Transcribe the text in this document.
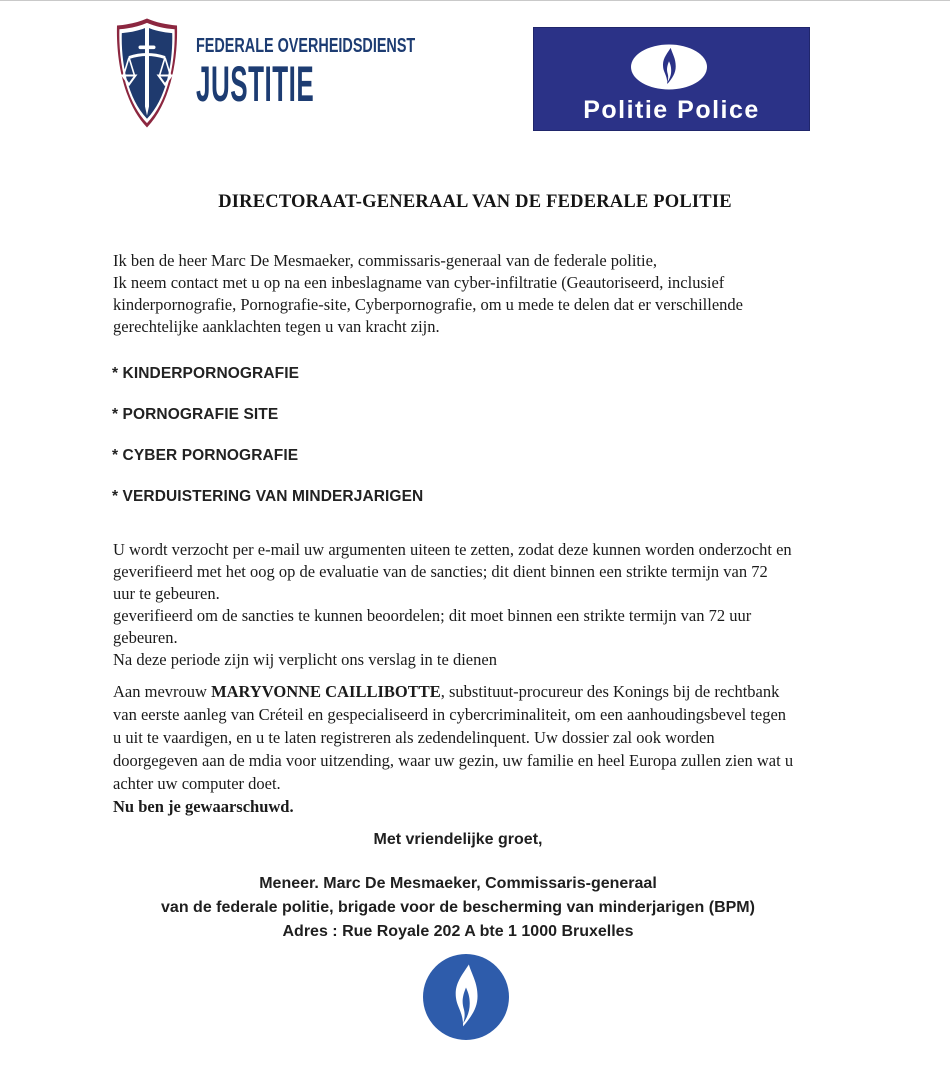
FEDERALE OVERHEIDSDIENST
JUSTITIE	Politie Police
DIRECTORAAT-GENERAAL VAN DE FEDERALE POLITIE
Ik ben de heer Marc De Mesmaeker, commissaris-generaal van de federale politie,
Ik neem contact met u op na een inbeslagname van cyber-infiltratie (Geautoriseerd, inclusief
kinderpornografie, Pornografie-site, Cyberpornografie, om u mede te delen dat er verschillende
gerechtelijke aanklachten tegen u van kracht zijn.
* KINDERPORNOGRAFIE
* PORNOGRAFIE SITE
* CYBER PORNOGRAFIE
* VERDUISTERING VAN MINDERJARIGEN
U wordt verzocht per e-mail uw argumenten uiteen te zetten, zodat deze kunnen worden onderzocht en
geverifieerd met het oog op de evaluatie van de sancties; dit dient binnen een strikte termijn van 72
uur te gebeuren.
geverifieerd om de sancties te kunnen beoordelen; dit moet binnen een strikte termijn van 72 uur
gebeuren.
Na deze periode zijn wij verplicht ons verslag in te dienen
Aan mevrouw MARYVONNE CAILLIBOTTE, substituut-procureur des Konings bij de rechtbank
van eerste aanleg van Créteil en gespecialiseerd in cybercriminaliteit, om een aanhoudingsbevel tegen
u uit te vaardigen, en u te laten registreren als zedendelinquent. Uw dossier zal ook worden
doorgegeven aan de mdia voor uitzending, waar uw gezin, uw familie en heel Europa zullen zien wat u
achter uw computer doet.
Nu ben je gewaarschuwd.
Met vriendelijke groet,
Meneer. Marc De Mesmaeker, Commissaris-generaal
van de federale politie, brigade voor de bescherming van minderjarigen (BPM)
Adres : Rue Royale 202 A bte 1 1000 Bruxelles
